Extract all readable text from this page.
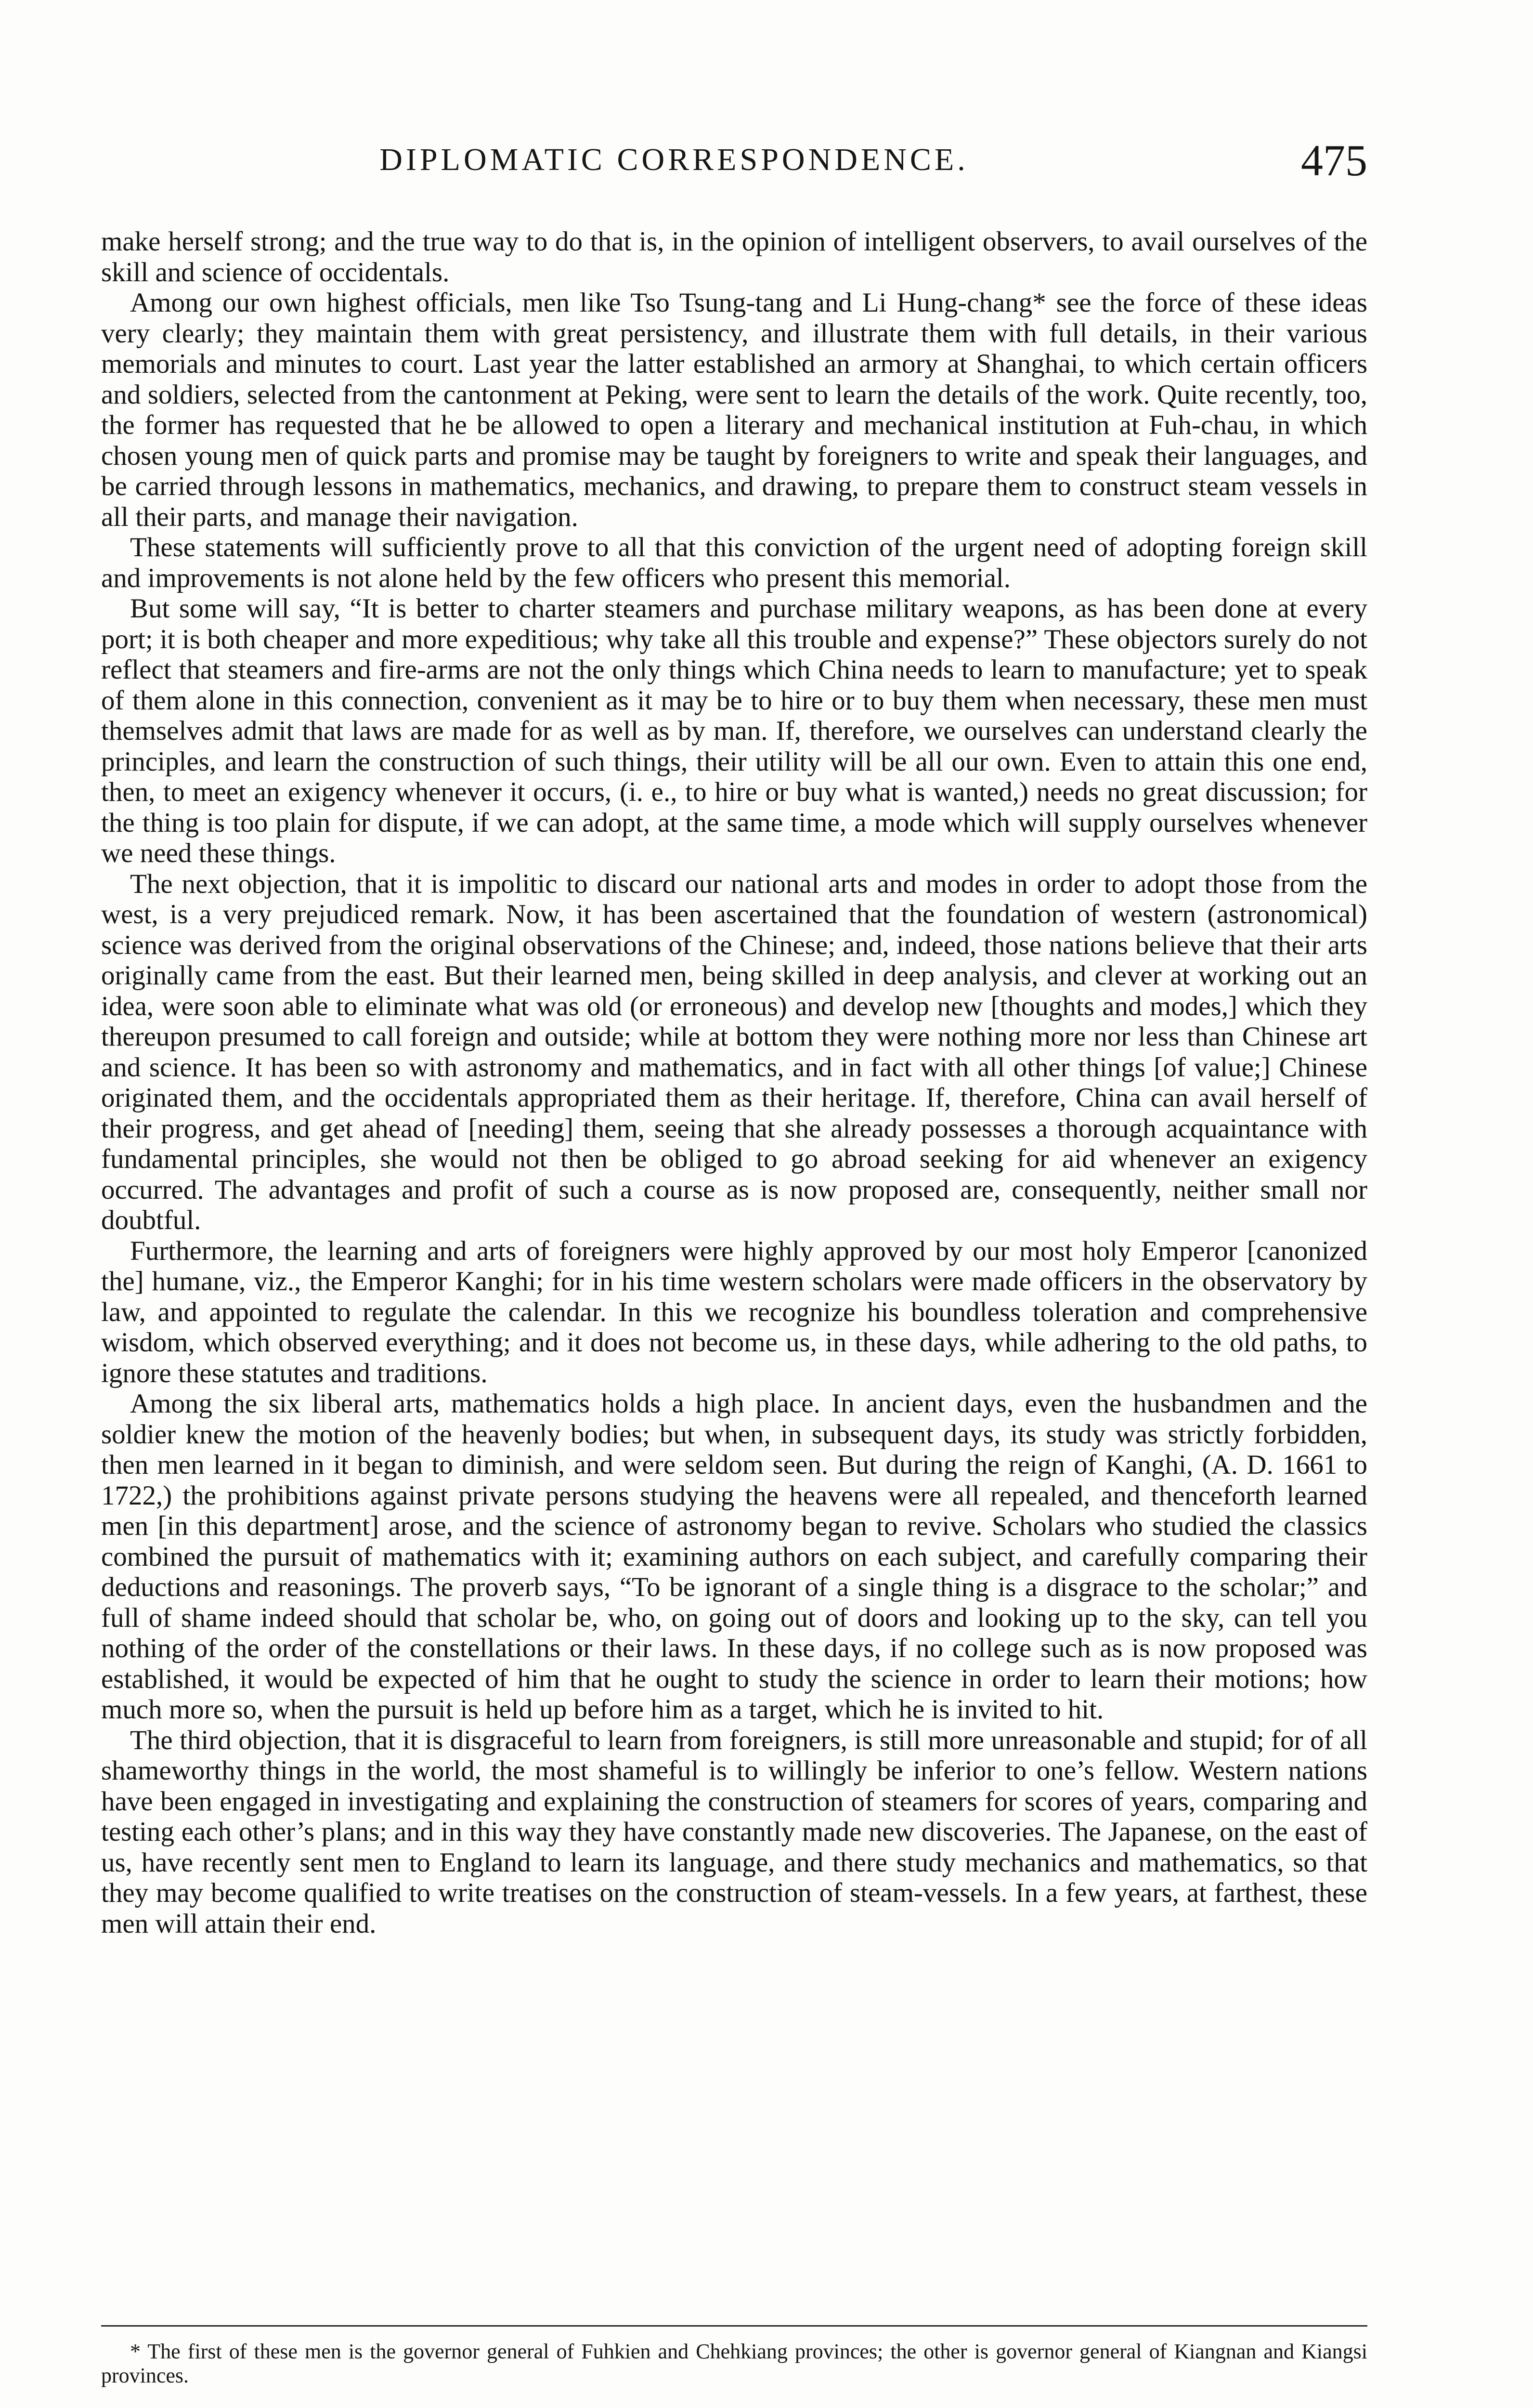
DIPLOMATIC CORRESPONDENCE.	475

make herself strong; and the true way to do that is, in the opinion of intelligent observers, to avail ourselves of the skill and science of occidentals.

Among our own highest officials, men like Tso Tsung-tang and Li Hung-chang* see the force of these ideas very clearly; they maintain them with great persistency, and illustrate them with full details, in their various memorials and minutes to court. Last year the latter established an armory at Shanghai, to which certain officers and soldiers, selected from the cantonment at Peking, were sent to learn the details of the work. Quite recently, too, the former has requested that he be allowed to open a literary and mechanical institution at Fuh-chau, in which chosen young men of quick parts and promise may be taught by foreigners to write and speak their languages, and be carried through lessons in mathematics, mechanics, and drawing, to prepare them to construct steam vessels in all their parts, and manage their navigation.

These statements will sufficiently prove to all that this conviction of the urgent need of adopting foreign skill and improvements is not alone held by the few officers who present this memorial.

But some will say, “It is better to charter steamers and purchase military weapons, as has been done at every port; it is both cheaper and more expeditious; why take all this trouble and expense?” These objectors surely do not reflect that steamers and fire-arms are not the only things which China needs to learn to manufacture; yet to speak of them alone in this connection, convenient as it may be to hire or to buy them when necessary, these men must themselves admit that laws are made for as well as by man. If, therefore, we ourselves can understand clearly the principles, and learn the construction of such things, their utility will be all our own. Even to attain this one end, then, to meet an exigency whenever it occurs, (i. e., to hire or buy what is wanted,) needs no great discussion; for the thing is too plain for dispute, if we can adopt, at the same time, a mode which will supply ourselves whenever we need these things.

The next objection, that it is impolitic to discard our national arts and modes in order to adopt those from the west, is a very prejudiced remark. Now, it has been ascertained that the foundation of western (astronomical) science was derived from the original observations of the Chinese; and, indeed, those nations believe that their arts originally came from the east. But their learned men, being skilled in deep analysis, and clever at working out an idea, were soon able to eliminate what was old (or erroneous) and develop new [thoughts and modes,] which they thereupon presumed to call foreign and outside; while at bottom they were nothing more nor less than Chinese art and science. It has been so with astronomy and mathematics, and in fact with all other things [of value;] Chinese originated them, and the occidentals appropriated them as their heritage. If, therefore, China can avail herself of their progress, and get ahead of [needing] them, seeing that she already possesses a thorough acquaintance with fundamental principles, she would not then be obliged to go abroad seeking for aid whenever an exigency occurred. The advantages and profit of such a course as is now proposed are, consequently, neither small nor doubtful.

Furthermore, the learning and arts of foreigners were highly approved by our most holy Emperor [canonized the] humane, viz., the Emperor Kanghi; for in his time western scholars were made officers in the observatory by law, and appointed to regulate the calendar. In this we recognize his boundless toleration and comprehensive wisdom, which observed everything; and it does not become us, in these days, while adhering to the old paths, to ignore these statutes and traditions.

Among the six liberal arts, mathematics holds a high place. In ancient days, even the husbandmen and the soldier knew the motion of the heavenly bodies; but when, in subsequent days, its study was strictly forbidden, then men learned in it began to diminish, and were seldom seen. But during the reign of Kanghi, (A. D. 1661 to 1722,) the prohibitions against private persons studying the heavens were all repealed, and thenceforth learned men [in this department] arose, and the science of astronomy began to revive. Scholars who studied the classics combined the pursuit of mathematics with it; examining authors on each subject, and carefully comparing their deductions and reasonings. The proverb says, “To be ignorant of a single thing is a disgrace to the scholar;” and full of shame indeed should that scholar be, who, on going out of doors and looking up to the sky, can tell you nothing of the order of the constellations or their laws. In these days, if no college such as is now proposed was established, it would be expected of him that he ought to study the science in order to learn their motions; how much more so, when the pursuit is held up before him as a target, which he is invited to hit.

The third objection, that it is disgraceful to learn from foreigners, is still more unreasonable and stupid; for of all shameworthy things in the world, the most shameful is to willingly be inferior to one’s fellow. Western nations have been engaged in investigating and explaining the construction of steamers for scores of years, comparing and testing each other’s plans; and in this way they have constantly made new discoveries. The Japanese, on the east of us, have recently sent men to England to learn its language, and there study mechanics and mathematics, so that they may become qualified to write treatises on the construction of steam-vessels. In a few years, at farthest, these men will attain their end.

* The first of these men is the governor general of Fuhkien and Chehkiang provinces; the other is governor general of Kiangnan and Kiangsi provinces.
